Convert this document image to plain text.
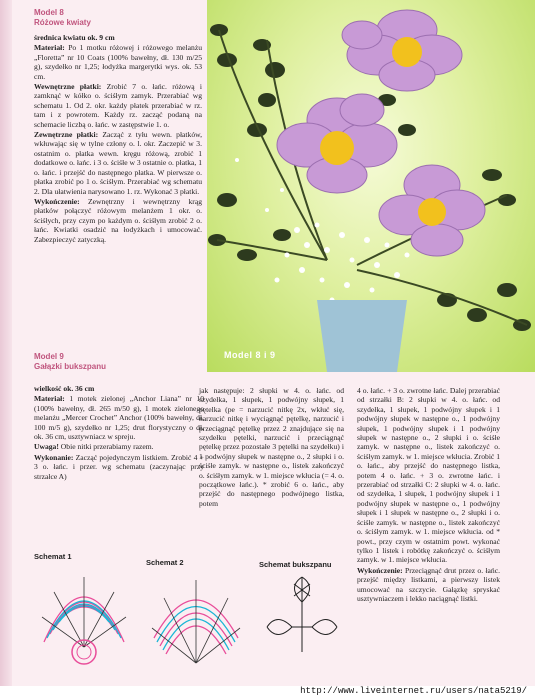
Model 8
Różowe kwiaty

średnica kwiatu ok. 9 cm

Materiał: Po 1 motku różowej i różowego melanżu „Floretta” nr 10 Coats (100% bawełny, dł. 130 m/25 g), szydełko nr 1,25; łodyżka margerytki wys. ok. 53 cm.

Wewnętrzne płatki: Zrobić 7 o. łańc. różową i zamknąć w kółko o. ściśłym zamyk. Przerabiać wg schematu 1. Od 2. okr. każdy płatek przerabiać w rz. tam i z powrotem. Każdy rz. zacząć podaną na schemacie liczbą o. łańc. w zastępstwie 1. o.

Zewnętrzne płatki: Zacząć z tyłu wewn. płatków, wkłuwając się w tylne człony o. l. okr. Zaczepić w 3. ostatnim o. płatka wewn. kręgu różową, zrobić 1 dodatkowe o. łańc. i 3 o. ściśłe w 3 ostatnie o. płatka, 1 o. łańc. i przejść do następnego płatka. W pierwsze o. płatka zrobić po 1 o. ściśłym. Przerabiać wg schematu 2. Dla ułatwienia narysowano 1. rz. Wykonać 3 płatki.

Wykończenie: Zewnętrzny i wewnętrzny krąg płatków połączyć różowym melanżem 1 okr. o. ściśłych, przy czym po każdym o. ściśłym zrobić 2 o. łańc. Kwiatki osadzić na łodyżkach i umocować. Zabezpieczyć zatyczką.

Model 8 i 9
Model 9
Gałązki bukszpanu

wielkość ok. 36 cm

Materiał: 1 motek zielonej „Anchor Liana” nr 10 (100% bawełny, dł. 265 m/50 g), 1 motek zielonego melanżu „Mercer Crochet” Anchor (100% bawełny, dł. 100 m/5 g), szydełko nr 1,25; drut florystyczny o dł. ok. 36 cm, usztywniacz w spreju.

Uwaga! Obie nitki przerabiamy razem.

Wykonanie: Zacząć pojedynczym listkiem. Zrobić 4 + 3 o. łańc. i przer. wg schematu (zaczynając przy strzałce A)

jak następuje: 2 słupki w 4. o. łańc. od szydełka, 1 słupek, 1 podwójny słupek, 1 pętelka (pe = narzucić nitkę 2x, wkłuć się, narzucić nitkę i wyciągnąć pętelkę, narzucić i przeciągnąć pętelkę przez 2 znajdujące się na szydełku pętelki, narzucić i przeciągnąć pętelkę przez pozostałe 3 pętelki na szydełku) i 1 podwójny słupek w następne o., 2 słupki i o. ściśłe zamyk. w następne o., listek zakończyć o. ściśłym zamyk. w 1. miejsce wkłucia (= 4. o. początkowe łańc.). * zrobić 6 o. łańc., aby przejść do następnego podwójnego listka, potem

4 o. łańc. + 3 o. zwrotne łańc. Dalej przerabiać od strzałki B: 2 słupki w 4. o. łańc. od szydełka, 1 słupek, 1 podwójny słupek i 1 podwójny słupek w następne o., 1 podwójny słupek, 1 podwójny słupek i 1 podwójny słupek w następne o., 2 słupki i o. ściśłe zamyk. w następne o., listek zakończyć o. ściśłym zamyk. w 1. miejsce wkłucia. Zrobić 1 o. łańc., aby przejść do następnego listka, potem 4 o. łańc. + 3 o. zwrotne łańc. i przerabiać od strzałki C: 2 słupki w 4. o. łańc. od szydełka, 1 słupek, 1 podwójny słupek i 1 podwójny słupek w następne o., 1 podwójny słupek i 1 słupek w następne o., 2 słupki i o. ściśłe zamyk. w następne o., listek zakończyć o. ściśłym zamyk. w 1. miejsce wkłucia. od * powt., przy czym w ostatnim powt. wykonać tylko 1 listek i robótkę zakończyć o. ściśłym zamyk. w 1. miejsce wkłucia.

Wykończenie: Przeciągnąć drut przez o. łańc. przejść między listkami, a pierwszy listek umocować na szczycie. Gałązkę spryskać usztywniaczem i lekko naciągnąć listki.

Schemat 1
Schemat 2	Schemat bukszpanu
http://www.liveinternet.ru/users/nata5219/
